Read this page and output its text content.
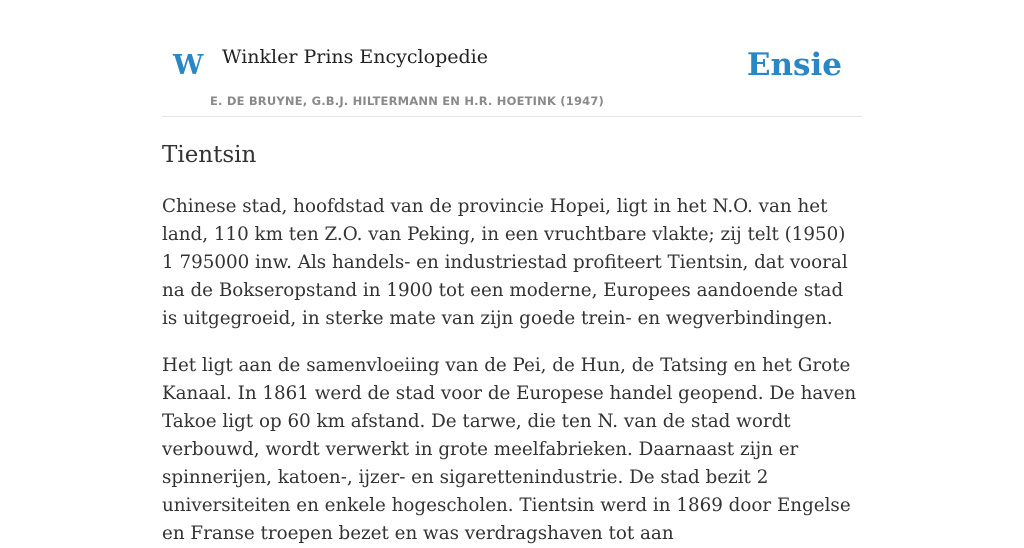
W Winkler Prins Encyclopedie
E. DE BRUYNE, G.B.J. HILTERMANN EN H.R. HOETINK (1947)
Ensie
Tientsin

Chinese stad, hoofdstad van de provincie Hopei, ligt in het N.O. van het land, 110 km ten Z.O. van Peking, in een vruchtbare vlakte; zij telt (1950) 1 795000 inw. Als handels- en industriestad profiteert Tientsin, dat vooral na de Bokseropstand in 1900 tot een moderne, Europees aandoende stad is uitgegroeid, in sterke mate van zijn goede trein- en wegverbindingen.

Het ligt aan de samenvloeiing van de Pei, de Hun, de Tatsing en het Grote Kanaal. In 1861 werd de stad voor de Europese handel geopend. De haven Takoe ligt op 60 km afstand. De tarwe, die ten N. van de stad wordt verbouwd, wordt verwerkt in grote meelfabrieken. Daarnaast zijn er spinnerijen, katoen-, ijzer- en sigarettenindustrie. De stad bezit 2 universiteiten en enkele hogescholen. Tientsin werd in 1869 door Engelse en Franse troepen bezet en was verdragshaven tot aan
